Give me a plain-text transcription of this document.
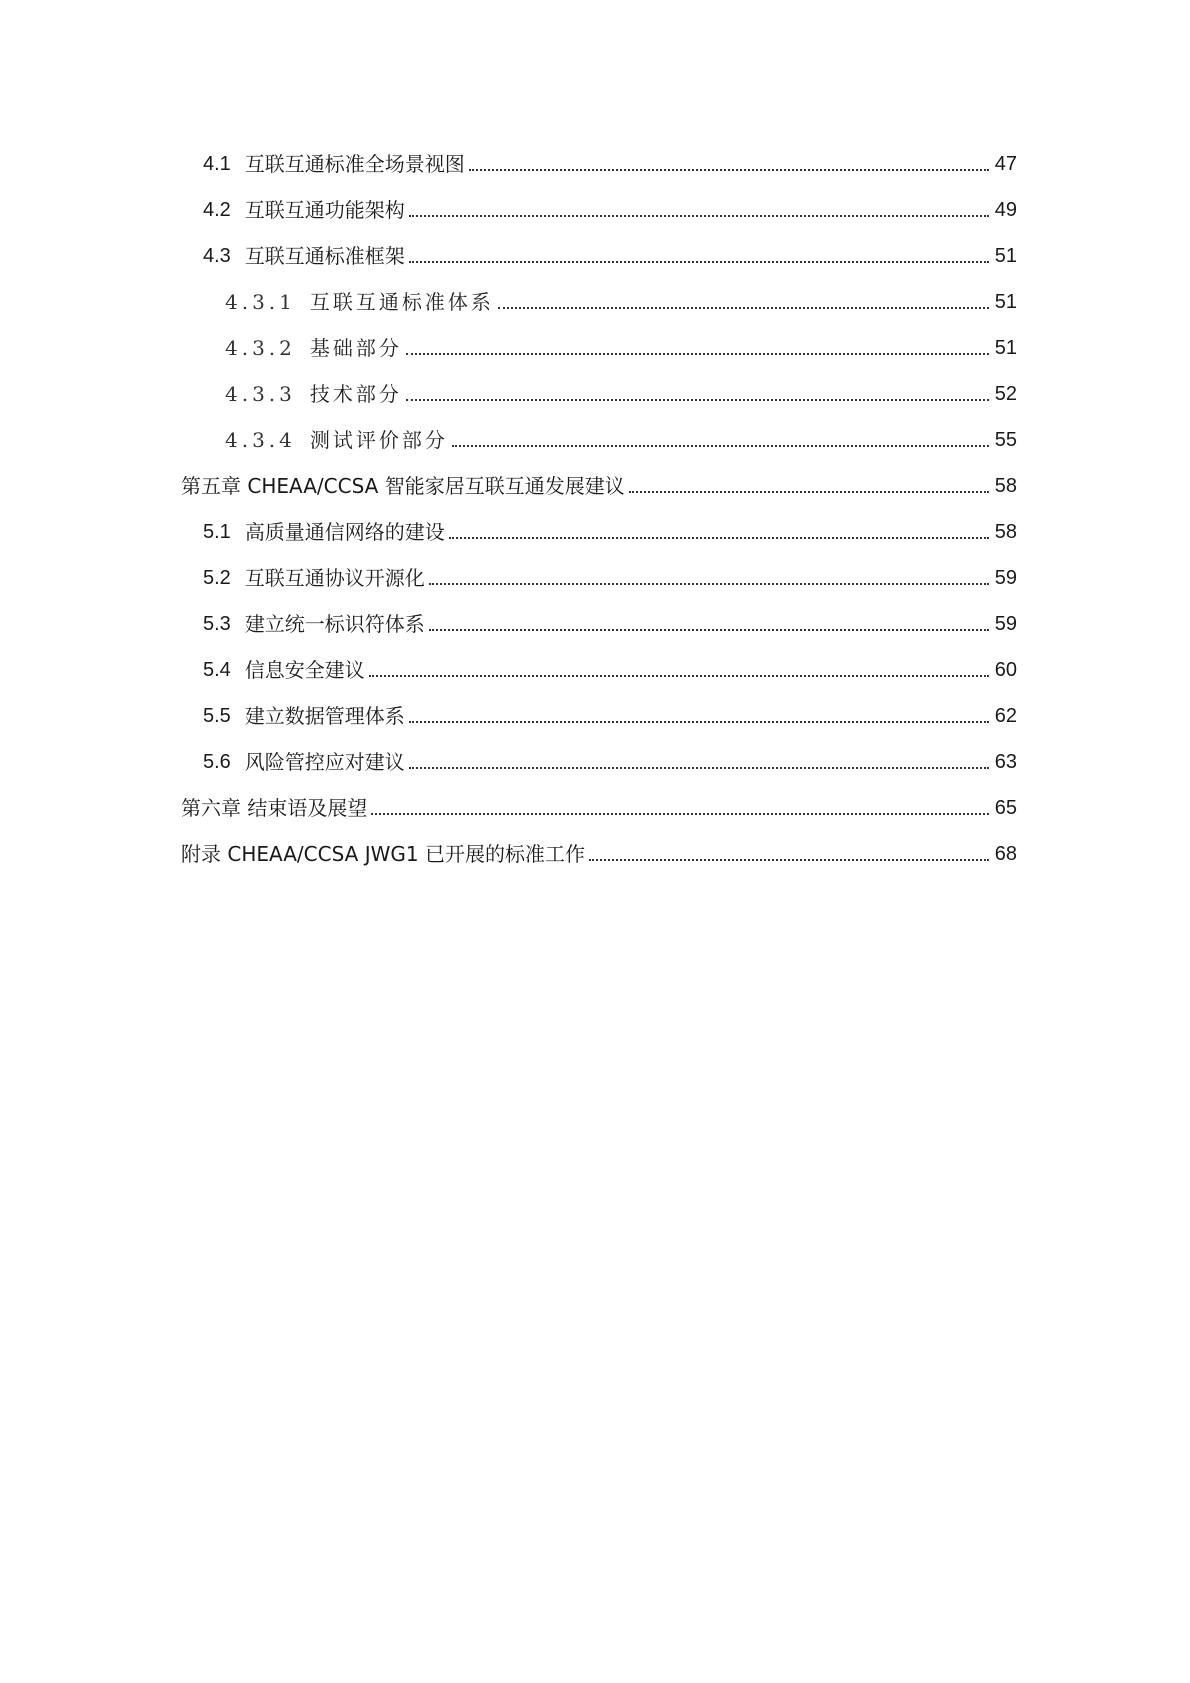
4.1 互联互通标准全场景视图	47
4.2 互联互通功能架构	49
4.3 互联互通标准框架	51
4.3.1 互联互通标准体系	51
4.3.2 基础部分	51
4.3.3 技术部分	52
4.3.4 测试评价部分	55
第五章 CHEAA/CCSA 智能家居互联互通发展建议	58
5.1 高质量通信网络的建设	58
5.2 互联互通协议开源化	59
5.3 建立统一标识符体系	59
5.4 信息安全建议	60
5.5 建立数据管理体系	62
5.6 风险管控应对建议	63
第六章 结束语及展望	65
附录 CHEAA/CCSA JWG1 已开展的标准工作	68
